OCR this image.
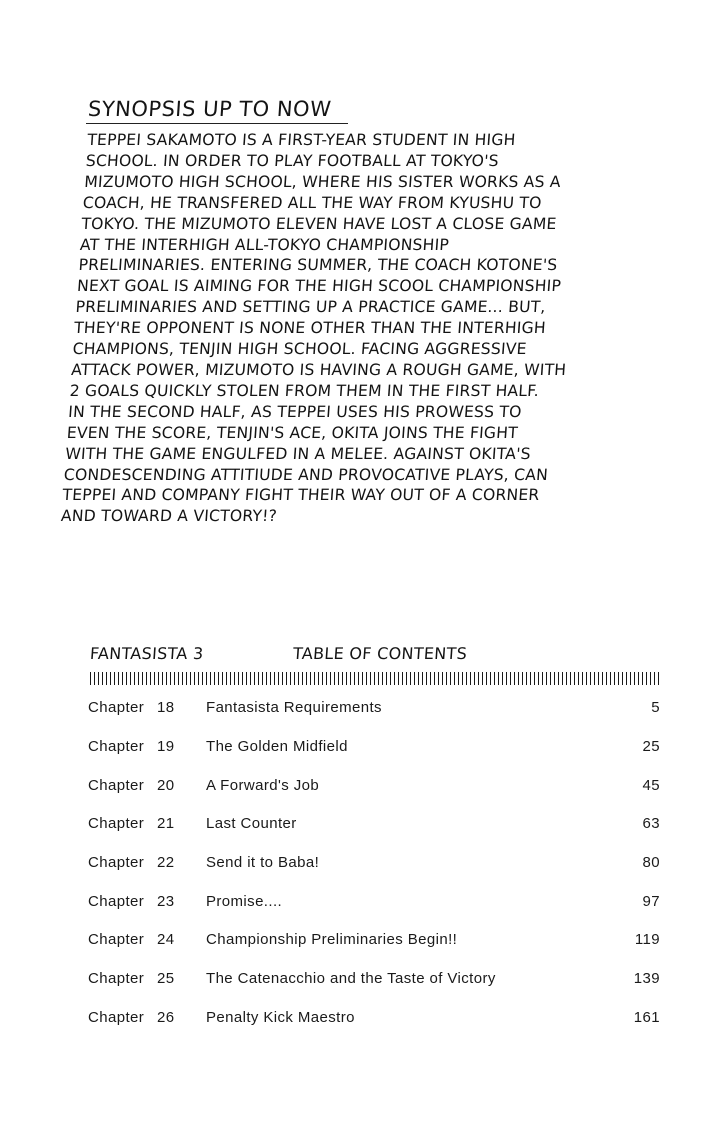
SYNOPSIS UP TO NOW

TEPPEI SAKAMOTO IS A FIRST-YEAR STUDENT IN HIGH
SCHOOL. IN ORDER TO PLAY FOOTBALL AT TOKYO'S
MIZUMOTO HIGH SCHOOL, WHERE HIS SISTER WORKS AS A
COACH, HE TRANSFERED ALL THE WAY FROM KYUSHU TO
TOKYO. THE MIZUMOTO ELEVEN HAVE LOST A CLOSE GAME
AT THE INTERHIGH ALL-TOKYO CHAMPIONSHIP
PRELIMINARIES. ENTERING SUMMER, THE COACH KOTONE'S
NEXT GOAL IS AIMING FOR THE HIGH SCOOL CHAMPIONSHIP
PRELIMINARIES AND SETTING UP A PRACTICE GAME... BUT,
THEY'RE OPPONENT IS NONE OTHER THAN THE INTERHIGH
CHAMPIONS, TENJIN HIGH SCHOOL. FACING AGGRESSIVE
ATTACK POWER, MIZUMOTO IS HAVING A ROUGH GAME, WITH
2 GOALS QUICKLY STOLEN FROM THEM IN THE FIRST HALF.
IN THE SECOND HALF, AS TEPPEI USES HIS PROWESS TO
EVEN THE SCORE, TENJIN'S ACE, OKITA JOINS THE FIGHT
WITH THE GAME ENGULFED IN A MELEE. AGAINST OKITA'S
CONDESCENDING ATTITIUDE AND PROVOCATIVE PLAYS, CAN
TEPPEI AND COMPANY FIGHT THEIR WAY OUT OF A CORNER
AND TOWARD A VICTORY!?

FANTASISTA 3	TABLE OF CONTENTS
Chapter 18 Fantasista Requirements	5
Chapter 19 The Golden Midfield	25
Chapter 20 A Forward's Job	45
Chapter 21 Last Counter	63
Chapter 22 Send it to Baba!	80
Chapter 23 Promise....	97
Chapter 24 Championship Preliminaries Begin!!	119
Chapter 25 The Catenacchio and the Taste of Victory	139
Chapter 26 Penalty Kick Maestro	161
